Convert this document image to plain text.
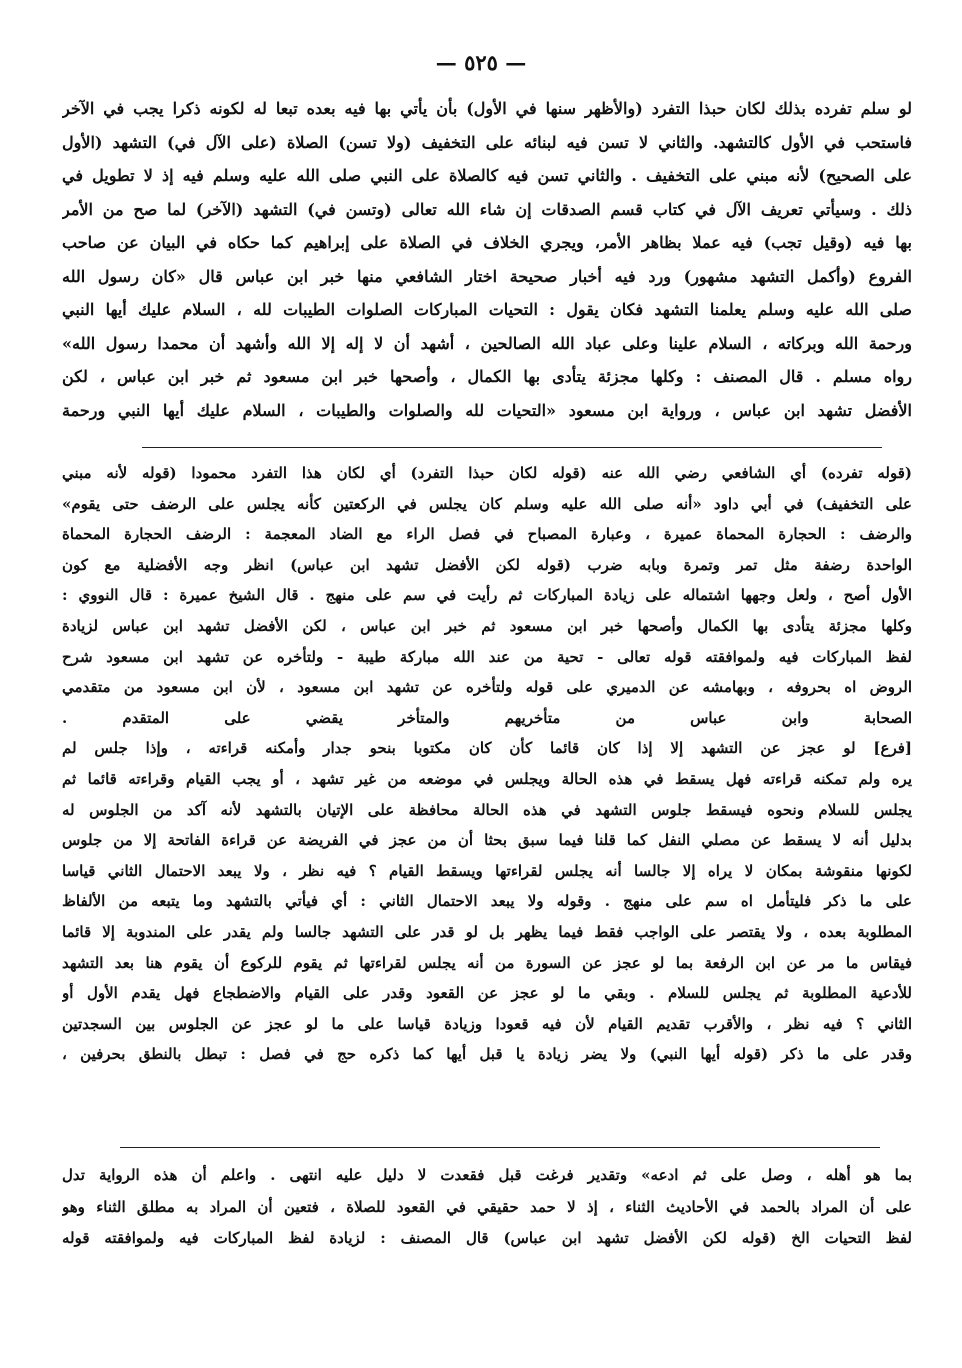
— ٥٢٥ —
لو سلم تفرده بذلك لكان حبذا التفرد (والأظهر سنها في الأول) بأن يأتي بها فيه بعده تبعا له لكونه ذكرا يجب في الآخر
فاستحب في الأول كالتشهد. والثاني لا تسن فيه لبنائه على التخفيف (ولا تسن) الصلاة (على الآل في) التشهد (الأول
على الصحيح) لأنه مبني على التخفيف . والثاني تسن فيه كالصلاة على النبي صلى الله عليه وسلم فيه إذ لا تطويل في
ذلك . وسيأتي تعريف الآل في كتاب قسم الصدقات إن شاء الله تعالى (وتسن في) التشهد (الآخر) لما صح من الأمر
بها فيه (وقيل تجب) فيه عملا بظاهر الأمر، ويجري الخلاف في الصلاة على إبراهيم كما حكاه في البيان عن صاحب
الفروع (وأكمل التشهد مشهور) ورد فيه أخبار صحيحة اختار الشافعي منها خبر ابن عباس قال «كان رسول الله
صلى الله عليه وسلم يعلمنا التشهد فكان يقول : التحيات المباركات الصلوات الطيبات لله ، السلام عليك أيها النبي
ورحمة الله وبركاته ، السلام علينا وعلى عباد الله الصالحين ، أشهد أن لا إله إلا الله وأشهد أن محمدا رسول الله»
رواه مسلم . قال المصنف : وكلها مجزئة يتأدى بها الكمال ، وأصحها خبر ابن مسعود ثم خبر ابن عباس ، لكن
الأفضل تشهد ابن عباس ، ورواية ابن مسعود «التحيات لله والصلوات والطيبات ، السلام عليك أيها النبي ورحمة
(قوله تفرده) أي الشافعي رضي الله عنه (قوله لكان حبذا التفرد) أي لكان هذا التفرد محمودا (قوله لأنه مبني
على التخفيف) في أبي داود «أنه صلى الله عليه وسلم كان يجلس في الركعتين كأنه يجلس على الرضف حتى يقوم»
والرضف : الحجارة المحماة عميرة ، وعبارة المصباح في فصل الراء مع الضاد المعجمة : الرضف الحجارة المحماة
الواحدة رضفة مثل تمر وتمرة وبابه ضرب (قوله لكن الأفضل تشهد ابن عباس) انظر وجه الأفضلية مع كون
الأول أصح ، ولعل وجهها اشتماله على زيادة المباركات ثم رأيت في سم على منهج . قال الشيخ عميرة : قال النووي :
وكلها مجزئة يتأدى بها الكمال وأصحها خبر ابن مسعود ثم خبر ابن عباس ، لكن الأفضل تشهد ابن عباس لزيادة
لفظ المباركات فيه ولموافقته قوله تعالى - تحية من عند الله مباركة طيبة - ولتأخره عن تشهد ابن مسعود شرح
الروض اه بحروفه ، وبهامشه عن الدميري على قوله ولتأخره عن تشهد ابن مسعود ، لأن ابن مسعود من متقدمي
الصحابة وابن عباس من متأخريهم والمتأخر يقضي على المتقدم .
[فرع] لو عجز عن التشهد إلا إذا كان قائما كأن كان مكتوبا بنحو جدار وأمكنه قراءته ، وإذا جلس لم
يره ولم تمكنه قراءته فهل يسقط في هذه الحالة ويجلس في موضعه من غير تشهد ، أو يجب القيام وقراءته قائما ثم
يجلس للسلام ونحوه فيسقط جلوس التشهد في هذه الحالة محافظة على الإتيان بالتشهد لأنه آكد من الجلوس له
بدليل أنه لا يسقط عن مصلي النفل كما قلنا فيما سبق بحثا أن من عجز في الفريضة عن قراءة الفاتحة إلا من جلوس
لكونها منقوشة بمكان لا يراه إلا جالسا أنه يجلس لقراءتها ويسقط القيام ؟ فيه نظر ، ولا يبعد الاحتمال الثاني قياسا
على ما ذكر فليتأمل اه سم على منهج . وقوله ولا يبعد الاحتمال الثاني : أي فيأتي بالتشهد وما يتبعه من الألفاظ
المطلوبة بعده ، ولا يقتصر على الواجب فقط فيما يظهر بل لو قدر على التشهد جالسا ولم يقدر على المندوبة إلا قائما
فيقاس ما مر عن ابن الرفعة بما لو عجز عن السورة من أنه يجلس لقراءتها ثم يقوم للركوع أن يقوم هنا بعد التشهد
للأدعية المطلوبة ثم يجلس للسلام . وبقي ما لو عجز عن القعود وقدر على القيام والاضطجاع فهل يقدم الأول أو
الثاني ؟ فيه نظر ، والأقرب تقديم القيام لأن فيه قعودا وزيادة قياسا على ما لو عجز عن الجلوس بين السجدتين
وقدر على ما ذكر (قوله أيها النبي) ولا يضر زيادة يا قبل أيها كما ذكره حج في فصل : تبطل بالنطق بحرفين ،
بما هو أهله ، وصل على ثم ادعه» وتقدير فرغت قبل فقعدت لا دليل عليه انتهى . واعلم أن هذه الرواية تدل
على أن المراد بالحمد في الأحاديث الثناء ، إذ لا حمد حقيقي في القعود للصلاة ، فتعين أن المراد به مطلق الثناء وهو
لفظ التحيات الخ (قوله لكن الأفضل تشهد ابن عباس) قال المصنف : لزيادة لفظ المباركات فيه ولموافقته قوله
